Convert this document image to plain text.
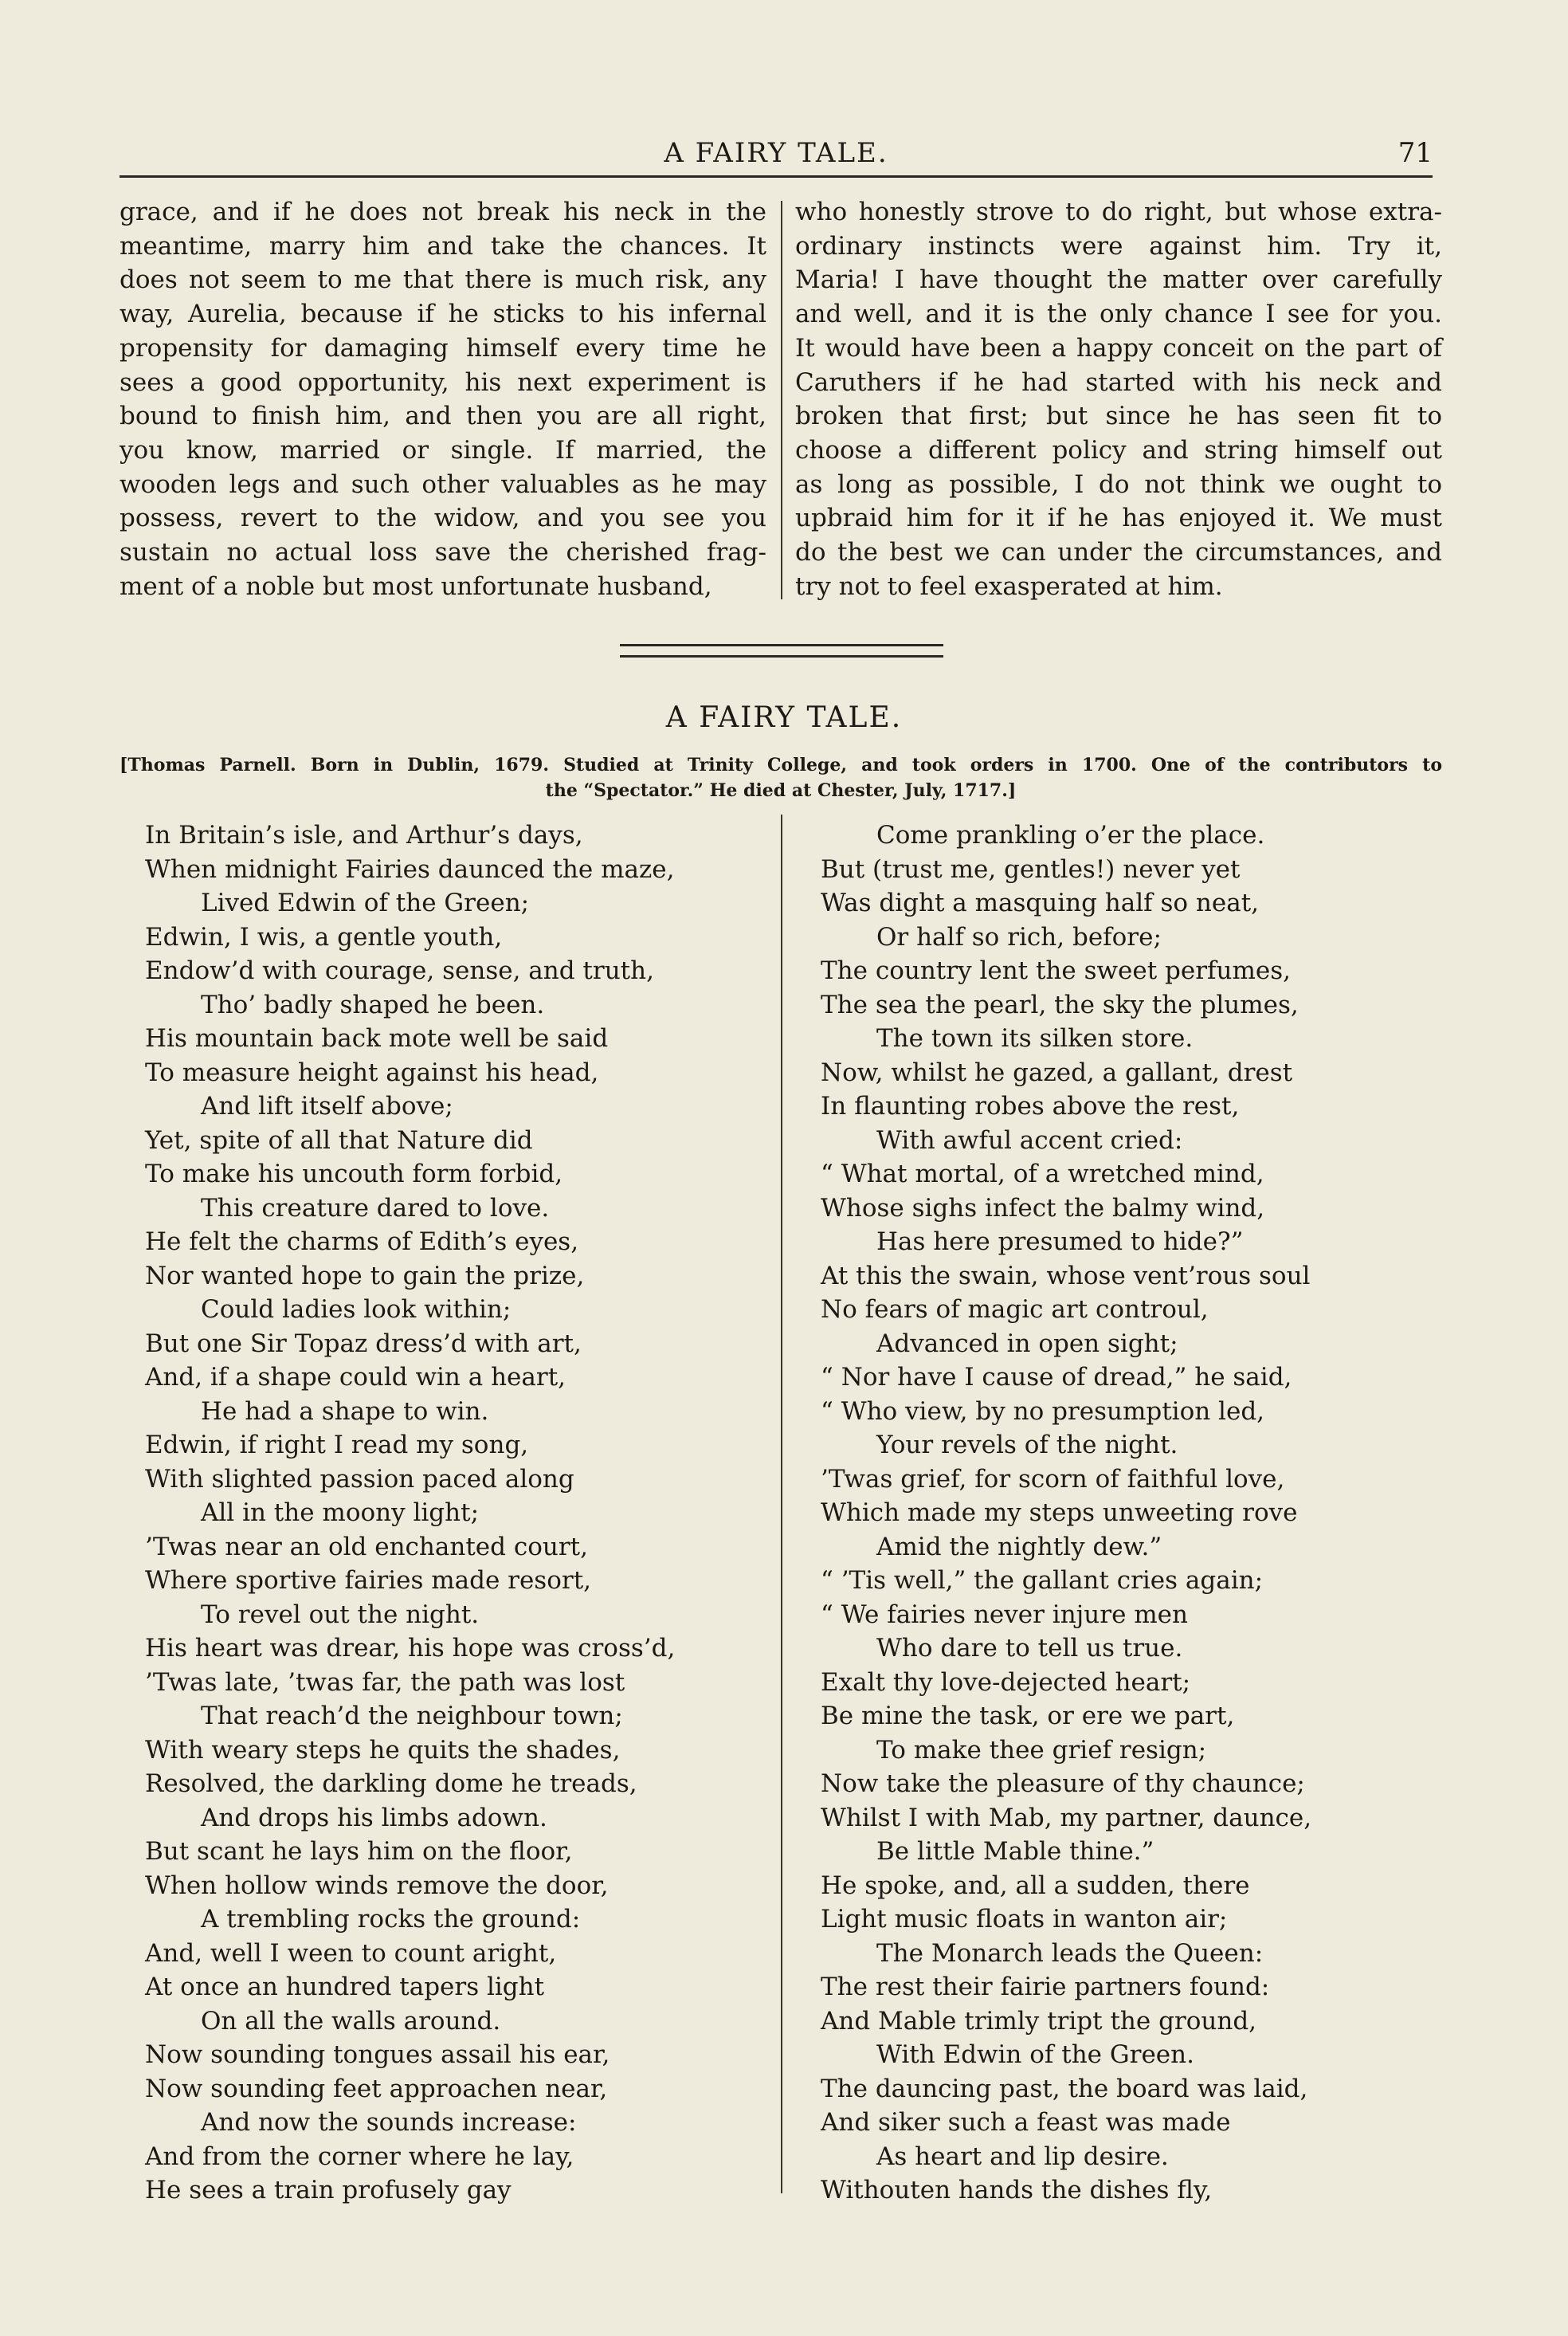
A FAIRY TALE.	71
grace, and if he does not break his neck in the
meantime, marry him and take the chances. It
does not seem to me that there is much risk, any
way, Aurelia, because if he sticks to his infernal
propensity for damaging himself every time he
sees a good opportunity, his next experiment is
bound to finish him, and then you are all right,
you know, married or single. If married, the
wooden legs and such other valuables as he may
possess, revert to the widow, and you see you
sustain no actual loss save the cherished frag-
ment of a noble but most unfortunate husband,
who honestly strove to do right, but whose extra-
ordinary instincts were against him. Try it,
Maria! I have thought the matter over carefully
and well, and it is the only chance I see for you.
It would have been a happy conceit on the part of
Caruthers if he had started with his neck and
broken that first; but since he has seen fit to
choose a different policy and string himself out
as long as possible, I do not think we ought to
upbraid him for it if he has enjoyed it. We must
do the best we can under the circumstances, and
try not to feel exasperated at him.
A FAIRY TALE.
[Thomas Parnell. Born in Dublin, 1679. Studied at Trinity College, and took orders in 1700. One of the contributors to
the “Spectator.” He died at Chester, July, 1717.]
In Britain’s isle, and Arthur’s days,
When midnight Fairies daunced the maze,
Lived Edwin of the Green;
Edwin, I wis, a gentle youth,
Endow’d with courage, sense, and truth,
Tho’ badly shaped he been.
His mountain back mote well be said
To measure height against his head,
And lift itself above;
Yet, spite of all that Nature did
To make his uncouth form forbid,
This creature dared to love.
He felt the charms of Edith’s eyes,
Nor wanted hope to gain the prize,
Could ladies look within;
But one Sir Topaz dress’d with art,
And, if a shape could win a heart,
He had a shape to win.
Edwin, if right I read my song,
With slighted passion paced along
All in the moony light;
’Twas near an old enchanted court,
Where sportive fairies made resort,
To revel out the night.
His heart was drear, his hope was cross’d,
’Twas late, ’twas far, the path was lost
That reach’d the neighbour town;
With weary steps he quits the shades,
Resolved, the darkling dome he treads,
And drops his limbs adown.
But scant he lays him on the floor,
When hollow winds remove the door,
A trembling rocks the ground:
And, well I ween to count aright,
At once an hundred tapers light
On all the walls around.
Now sounding tongues assail his ear,
Now sounding feet approachen near,
And now the sounds increase:
And from the corner where he lay,
He sees a train profusely gay
Come prankling o’er the place.
But (trust me, gentles!) never yet
Was dight a masquing half so neat,
Or half so rich, before;
The country lent the sweet perfumes,
The sea the pearl, the sky the plumes,
The town its silken store.
Now, whilst he gazed, a gallant, drest
In flaunting robes above the rest,
With awful accent cried:
“ What mortal, of a wretched mind,
Whose sighs infect the balmy wind,
Has here presumed to hide?”
At this the swain, whose vent’rous soul
No fears of magic art controul,
Advanced in open sight;
“ Nor have I cause of dread,” he said,
“ Who view, by no presumption led,
Your revels of the night.
’Twas grief, for scorn of faithful love,
Which made my steps unweeting rove
Amid the nightly dew.”
“ ’Tis well,” the gallant cries again;
“ We fairies never injure men
Who dare to tell us true.
Exalt thy love-dejected heart;
Be mine the task, or ere we part,
To make thee grief resign;
Now take the pleasure of thy chaunce;
Whilst I with Mab, my partner, daunce,
Be little Mable thine.”
He spoke, and, all a sudden, there
Light music floats in wanton air;
The Monarch leads the Queen:
The rest their fairie partners found:
And Mable trimly tript the ground,
With Edwin of the Green.
The dauncing past, the board was laid,
And siker such a feast was made
As heart and lip desire.
Withouten hands the dishes fly,
